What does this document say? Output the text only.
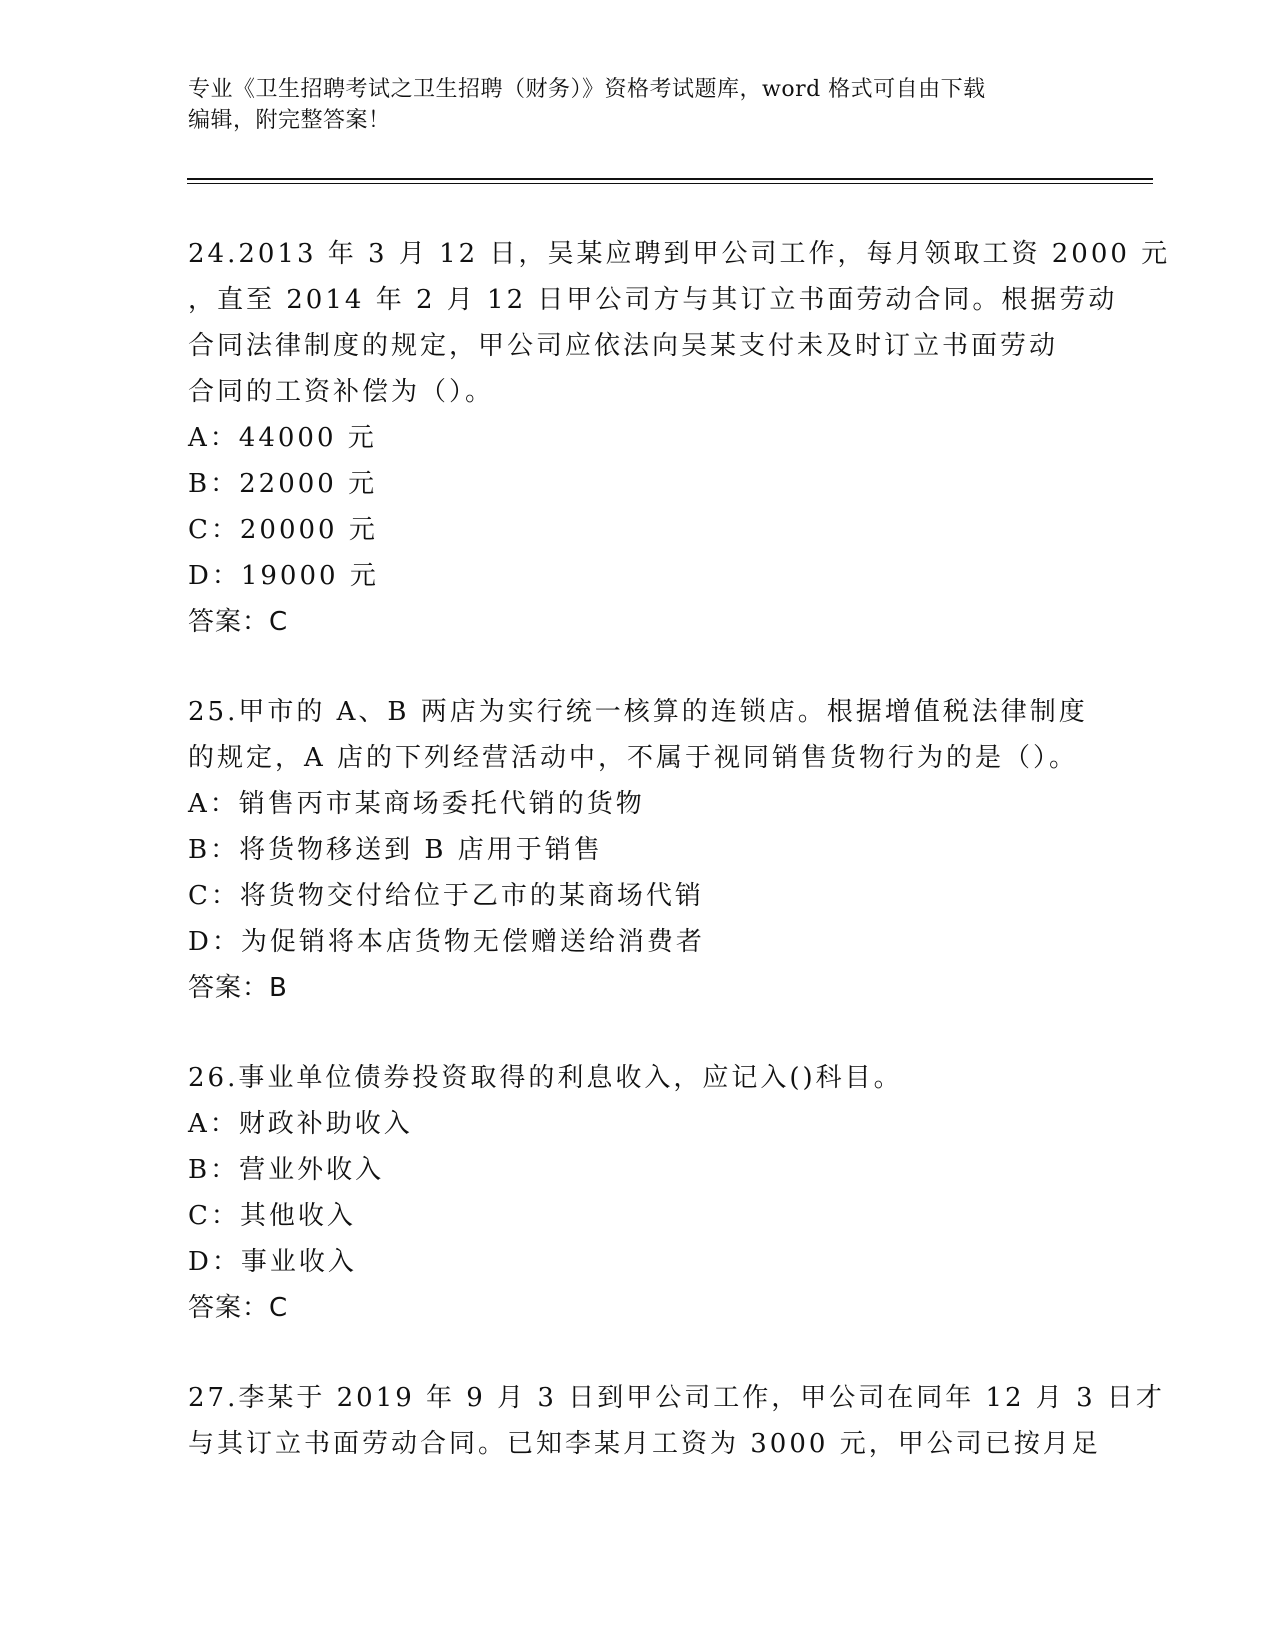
专业《卫生招聘考试之卫生招聘（财务）》资格考试题库，word 格式可自由下载
编辑，附完整答案！
24.2013 年 3 月 12 日，吴某应聘到甲公司工作，每月领取工资 2000 元
，直至 2014 年 2 月 12 日甲公司方与其订立书面劳动合同。根据劳动
合同法律制度的规定，甲公司应依法向吴某支付未及时订立书面劳动
合同的工资补偿为（）。
A：44000 元
B：22000 元
C：20000 元
D：19000 元
答案：C
25.甲市的 A、B 两店为实行统一核算的连锁店。根据增值税法律制度
的规定，A 店的下列经营活动中，不属于视同销售货物行为的是（）。
A：销售丙市某商场委托代销的货物
B：将货物移送到 B 店用于销售
C：将货物交付给位于乙市的某商场代销
D：为促销将本店货物无偿赠送给消费者
答案：B
26.事业单位债券投资取得的利息收入，应记入()科目。
A：财政补助收入
B：营业外收入
C：其他收入
D：事业收入
答案：C
27.李某于 2019 年 9 月 3 日到甲公司工作，甲公司在同年 12 月 3 日才
与其订立书面劳动合同。已知李某月工资为 3000 元，甲公司已按月足
